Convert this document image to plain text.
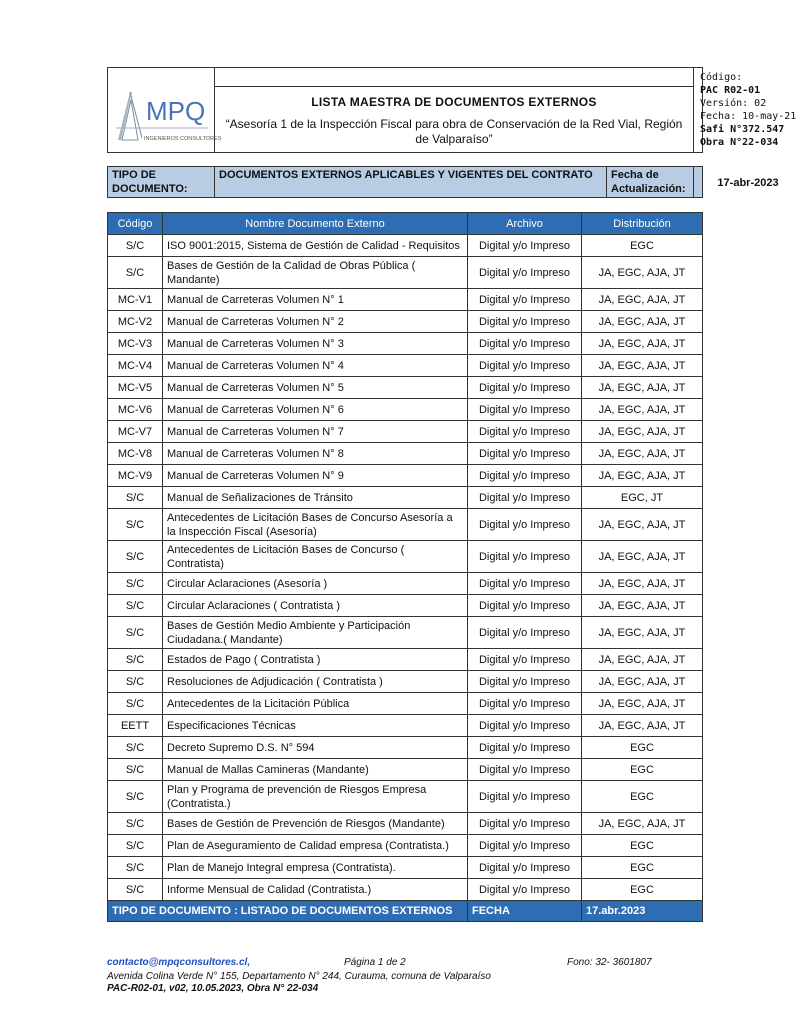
MPQ
INGENIEROS CONSULTORES
LISTA MAESTRA DE DOCUMENTOS EXTERNOS
“Asesoría 1 de la Inspección Fiscal para obra de Conservación de la Red Vial, Región de Valparaíso”
Código:
PAC R02-01
Versión: 02
Fecha: 10-may-21
Safi N°372.547
Obra N°22-034
TIPO DE DOCUMENTO:
DOCUMENTOS EXTERNOS APLICABLES Y VIGENTES DEL CONTRATO	Fecha de Actualización:	17-abr-2023
Código	Nombre Documento Externo	Archivo	Distribución
S/C	ISO 9001:2015, Sistema de Gestión de Calidad - Requisitos	Digital y/o Impreso	EGC
S/C	Bases de Gestión de la Calidad de Obras Pública ( Mandante)	Digital y/o Impreso	JA, EGC, AJA, JT
MC-V1	Manual de Carreteras Volumen N° 1	Digital y/o Impreso	JA, EGC, AJA, JT
MC-V2	Manual de Carreteras Volumen N° 2	Digital y/o Impreso	JA, EGC, AJA, JT
MC-V3	Manual de Carreteras Volumen N° 3	Digital y/o Impreso	JA, EGC, AJA, JT
MC-V4	Manual de Carreteras Volumen N° 4	Digital y/o Impreso	JA, EGC, AJA, JT
MC-V5	Manual de Carreteras Volumen N° 5	Digital y/o Impreso	JA, EGC, AJA, JT
MC-V6	Manual de Carreteras Volumen N° 6	Digital y/o Impreso	JA, EGC, AJA, JT
MC-V7	Manual de Carreteras Volumen N° 7	Digital y/o Impreso	JA, EGC, AJA, JT
MC-V8	Manual de Carreteras Volumen N° 8	Digital y/o Impreso	JA, EGC, AJA, JT
MC-V9	Manual de Carreteras Volumen N° 9	Digital y/o Impreso	JA, EGC, AJA, JT
S/C	Manual de Señalizaciones de Tránsito	Digital y/o Impreso	EGC, JT
S/C	Antecedentes de Licitación Bases de Concurso Asesoría a la Inspección Fiscal (Asesoría)	Digital y/o Impreso	JA, EGC, AJA, JT
S/C	Antecedentes de Licitación Bases de Concurso ( Contratista)	Digital y/o Impreso	JA, EGC, AJA, JT
S/C	Circular Aclaraciones (Asesoría )	Digital y/o Impreso	JA, EGC, AJA, JT
S/C	Circular Aclaraciones ( Contratista )	Digital y/o Impreso	JA, EGC, AJA, JT
S/C	Bases de Gestión Medio Ambiente y Participación Ciudadana.( Mandante)	Digital y/o Impreso	JA, EGC, AJA, JT
S/C	Estados de Pago ( Contratista )	Digital y/o Impreso	JA, EGC, AJA, JT
S/C	Resoluciones de Adjudicación ( Contratista )	Digital y/o Impreso	JA, EGC, AJA, JT
S/C	Antecedentes de la Licitación Pública	Digital y/o Impreso	JA, EGC, AJA, JT
EETT	Especificaciones Técnicas	Digital y/o Impreso	JA, EGC, AJA, JT
S/C	Decreto Supremo D.S. N° 594	Digital y/o Impreso	EGC
S/C	Manual de Mallas Camineras (Mandante)	Digital y/o Impreso	EGC
S/C	Plan y Programa de prevención de Riesgos Empresa (Contratista.)	Digital y/o Impreso	EGC
S/C	Bases de Gestión de Prevención de Riesgos (Mandante)	Digital y/o Impreso	JA, EGC, AJA, JT
S/C	Plan de Aseguramiento de Calidad empresa (Contratista.)	Digital y/o Impreso	EGC
S/C	Plan de Manejo Integral empresa (Contratista).	Digital y/o Impreso	EGC
S/C	Informe Mensual de Calidad (Contratista.)	Digital y/o Impreso	EGC
TIPO DE DOCUMENTO : LISTADO DE DOCUMENTOS EXTERNOS		FECHA	17.abr.2023
contacto@mpqconsultores.cl,	Página 1 de 2	Fono: 32- 3601807
Avenida Colina Verde N° 155, Departamento N° 244, Curauma, comuna de Valparaíso
PAC-R02-01, v02, 10.05.2023, Obra N° 22-034
